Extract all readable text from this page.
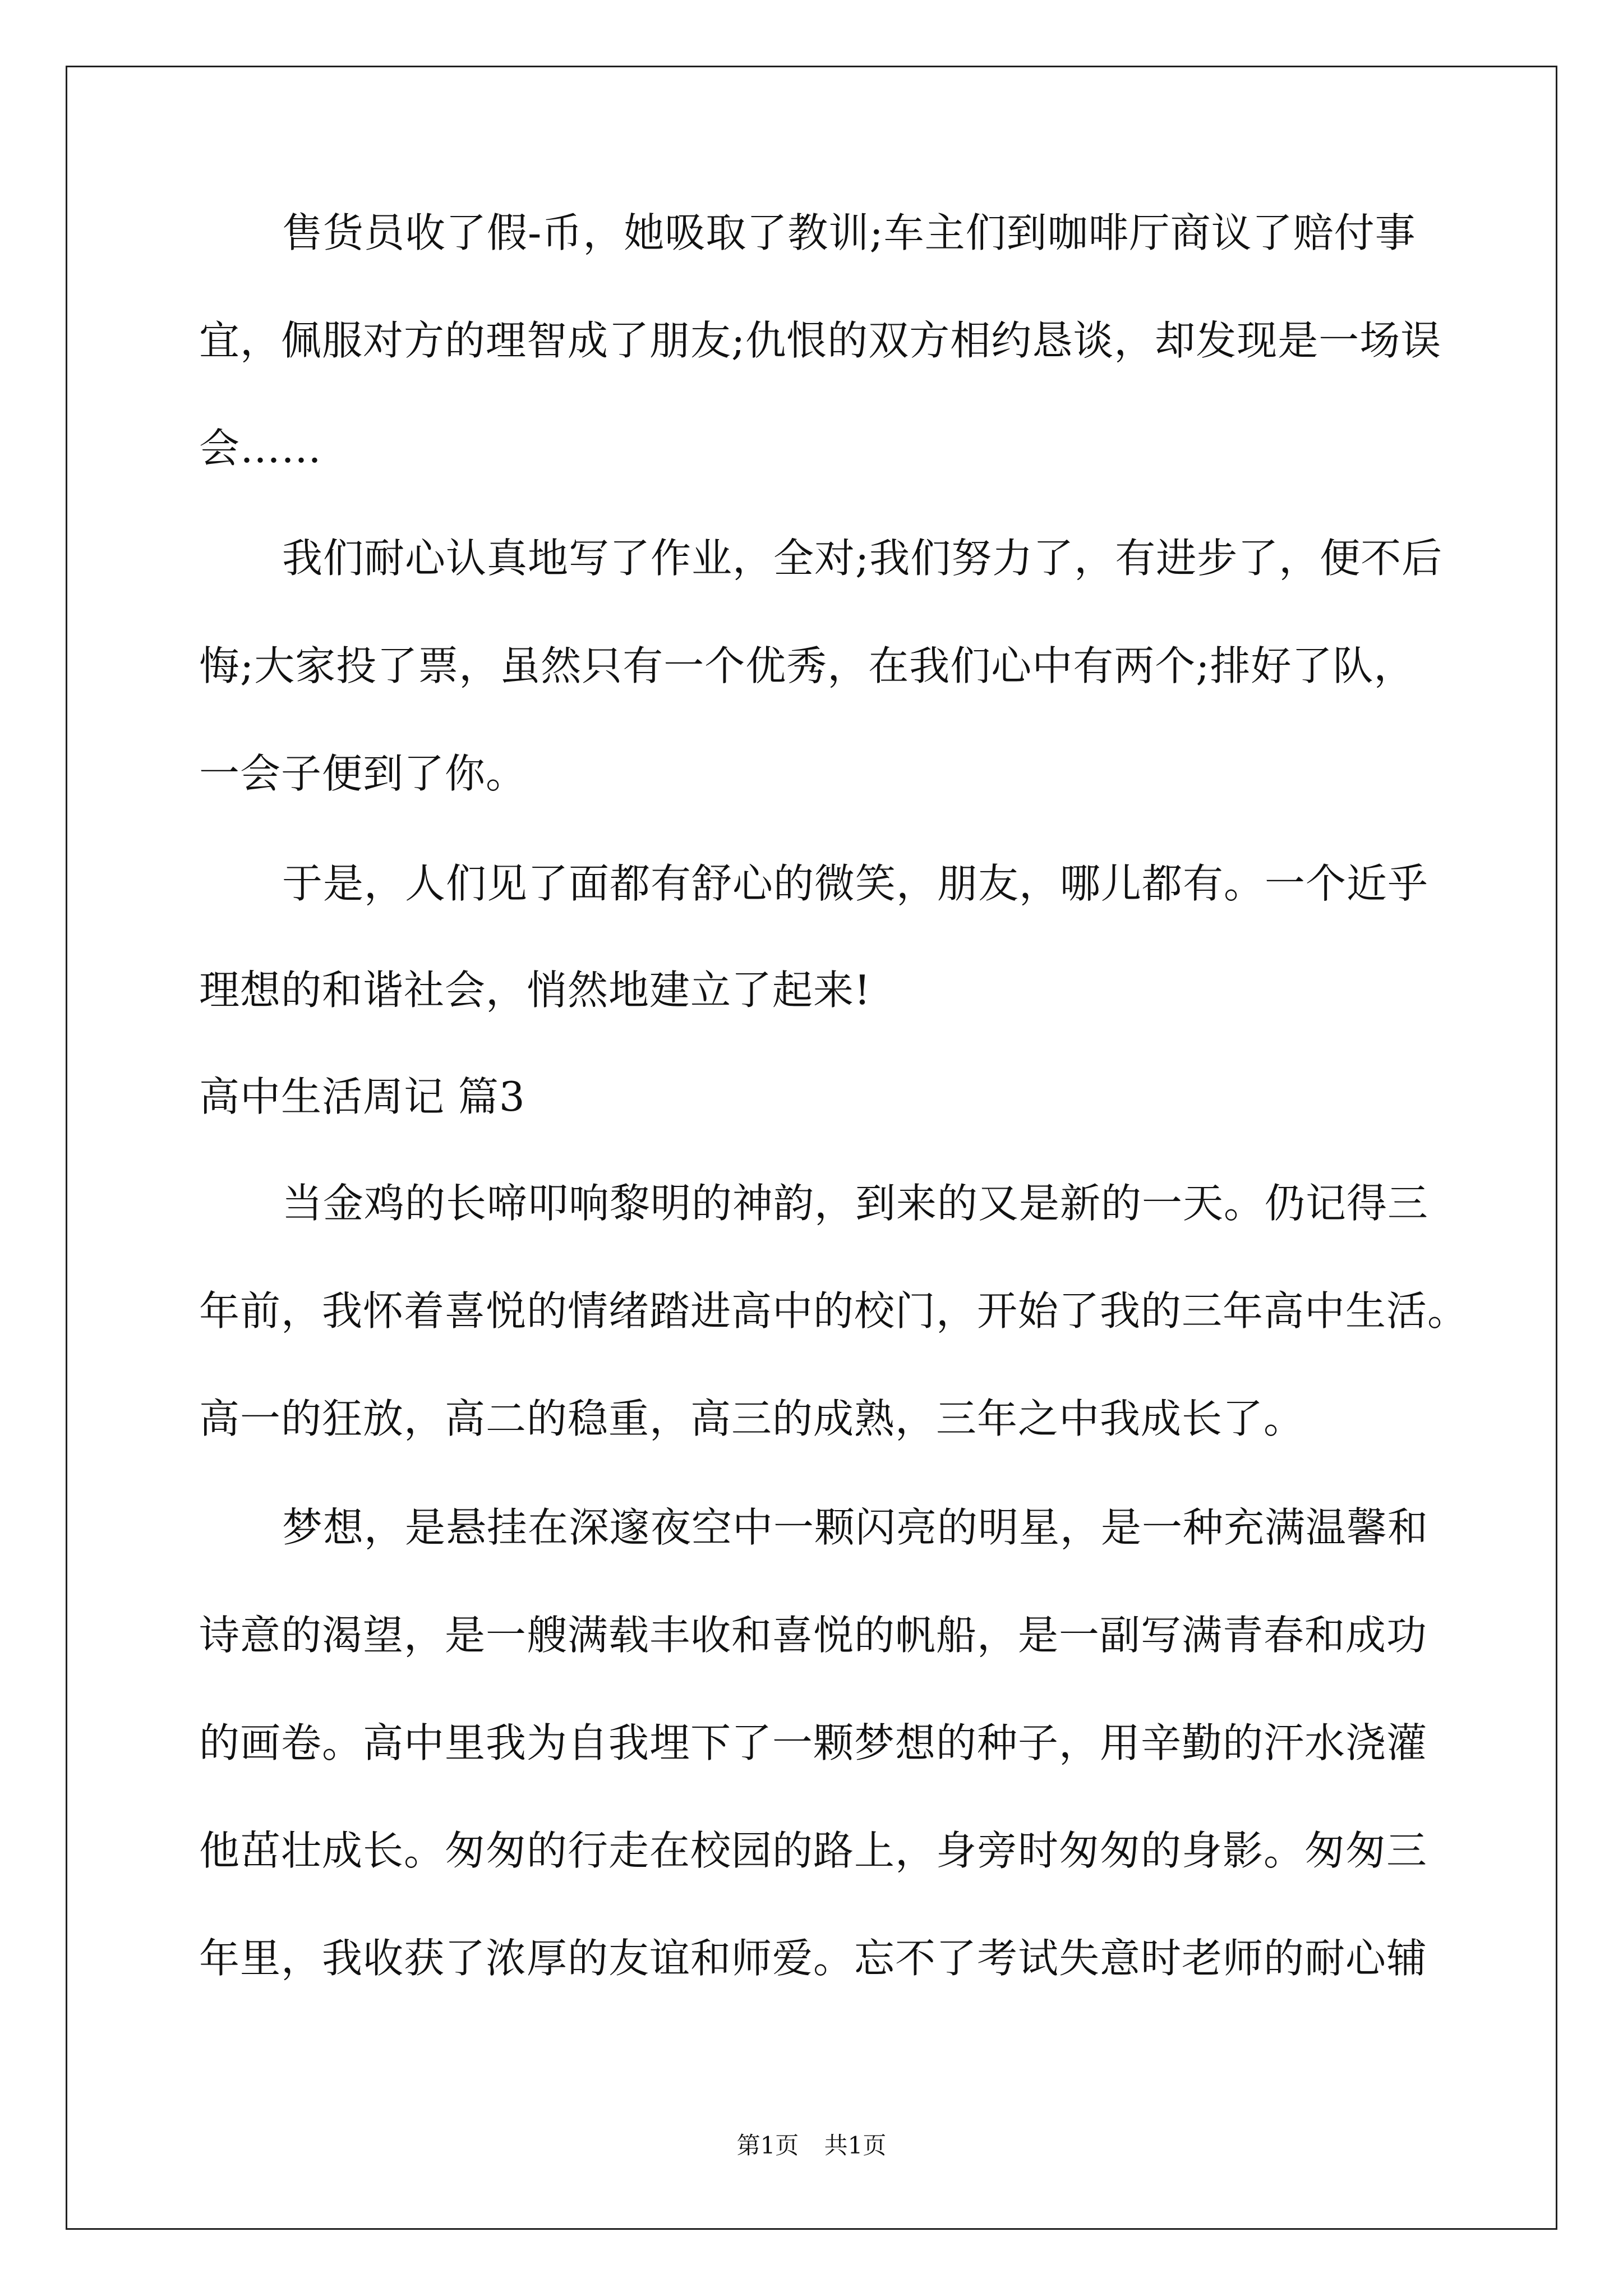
售货员收了假-币，她吸取了教训;车主们到咖啡厅商议了赔付事
宜，佩服对方的理智成了朋友;仇恨的双方相约恳谈，却发现是一场误
会……
我们耐心认真地写了作业，全对;我们努力了，有进步了，便不后
悔;大家投了票，虽然只有一个优秀，在我们心中有两个;排好了队，
一会子便到了你。
于是，人们见了面都有舒心的微笑，朋友，哪儿都有。一个近乎
理想的和谐社会，悄然地建立了起来!
高中生活周记 篇3
当金鸡的长啼叩响黎明的神韵，到来的又是新的一天。仍记得三
年前，我怀着喜悦的情绪踏进高中的校门，开始了我的三年高中生活。
高一的狂放，高二的稳重，高三的成熟，三年之中我成长了。
梦想，是悬挂在深邃夜空中一颗闪亮的明星，是一种充满温馨和
诗意的渴望，是一艘满载丰收和喜悦的帆船，是一副写满青春和成功
的画卷。高中里我为自我埋下了一颗梦想的种子，用辛勤的汗水浇灌
他茁壮成长。匆匆的行走在校园的路上，身旁时匆匆的身影。匆匆三
年里，我收获了浓厚的友谊和师爱。忘不了考试失意时老师的耐心辅
第1页 共1页
